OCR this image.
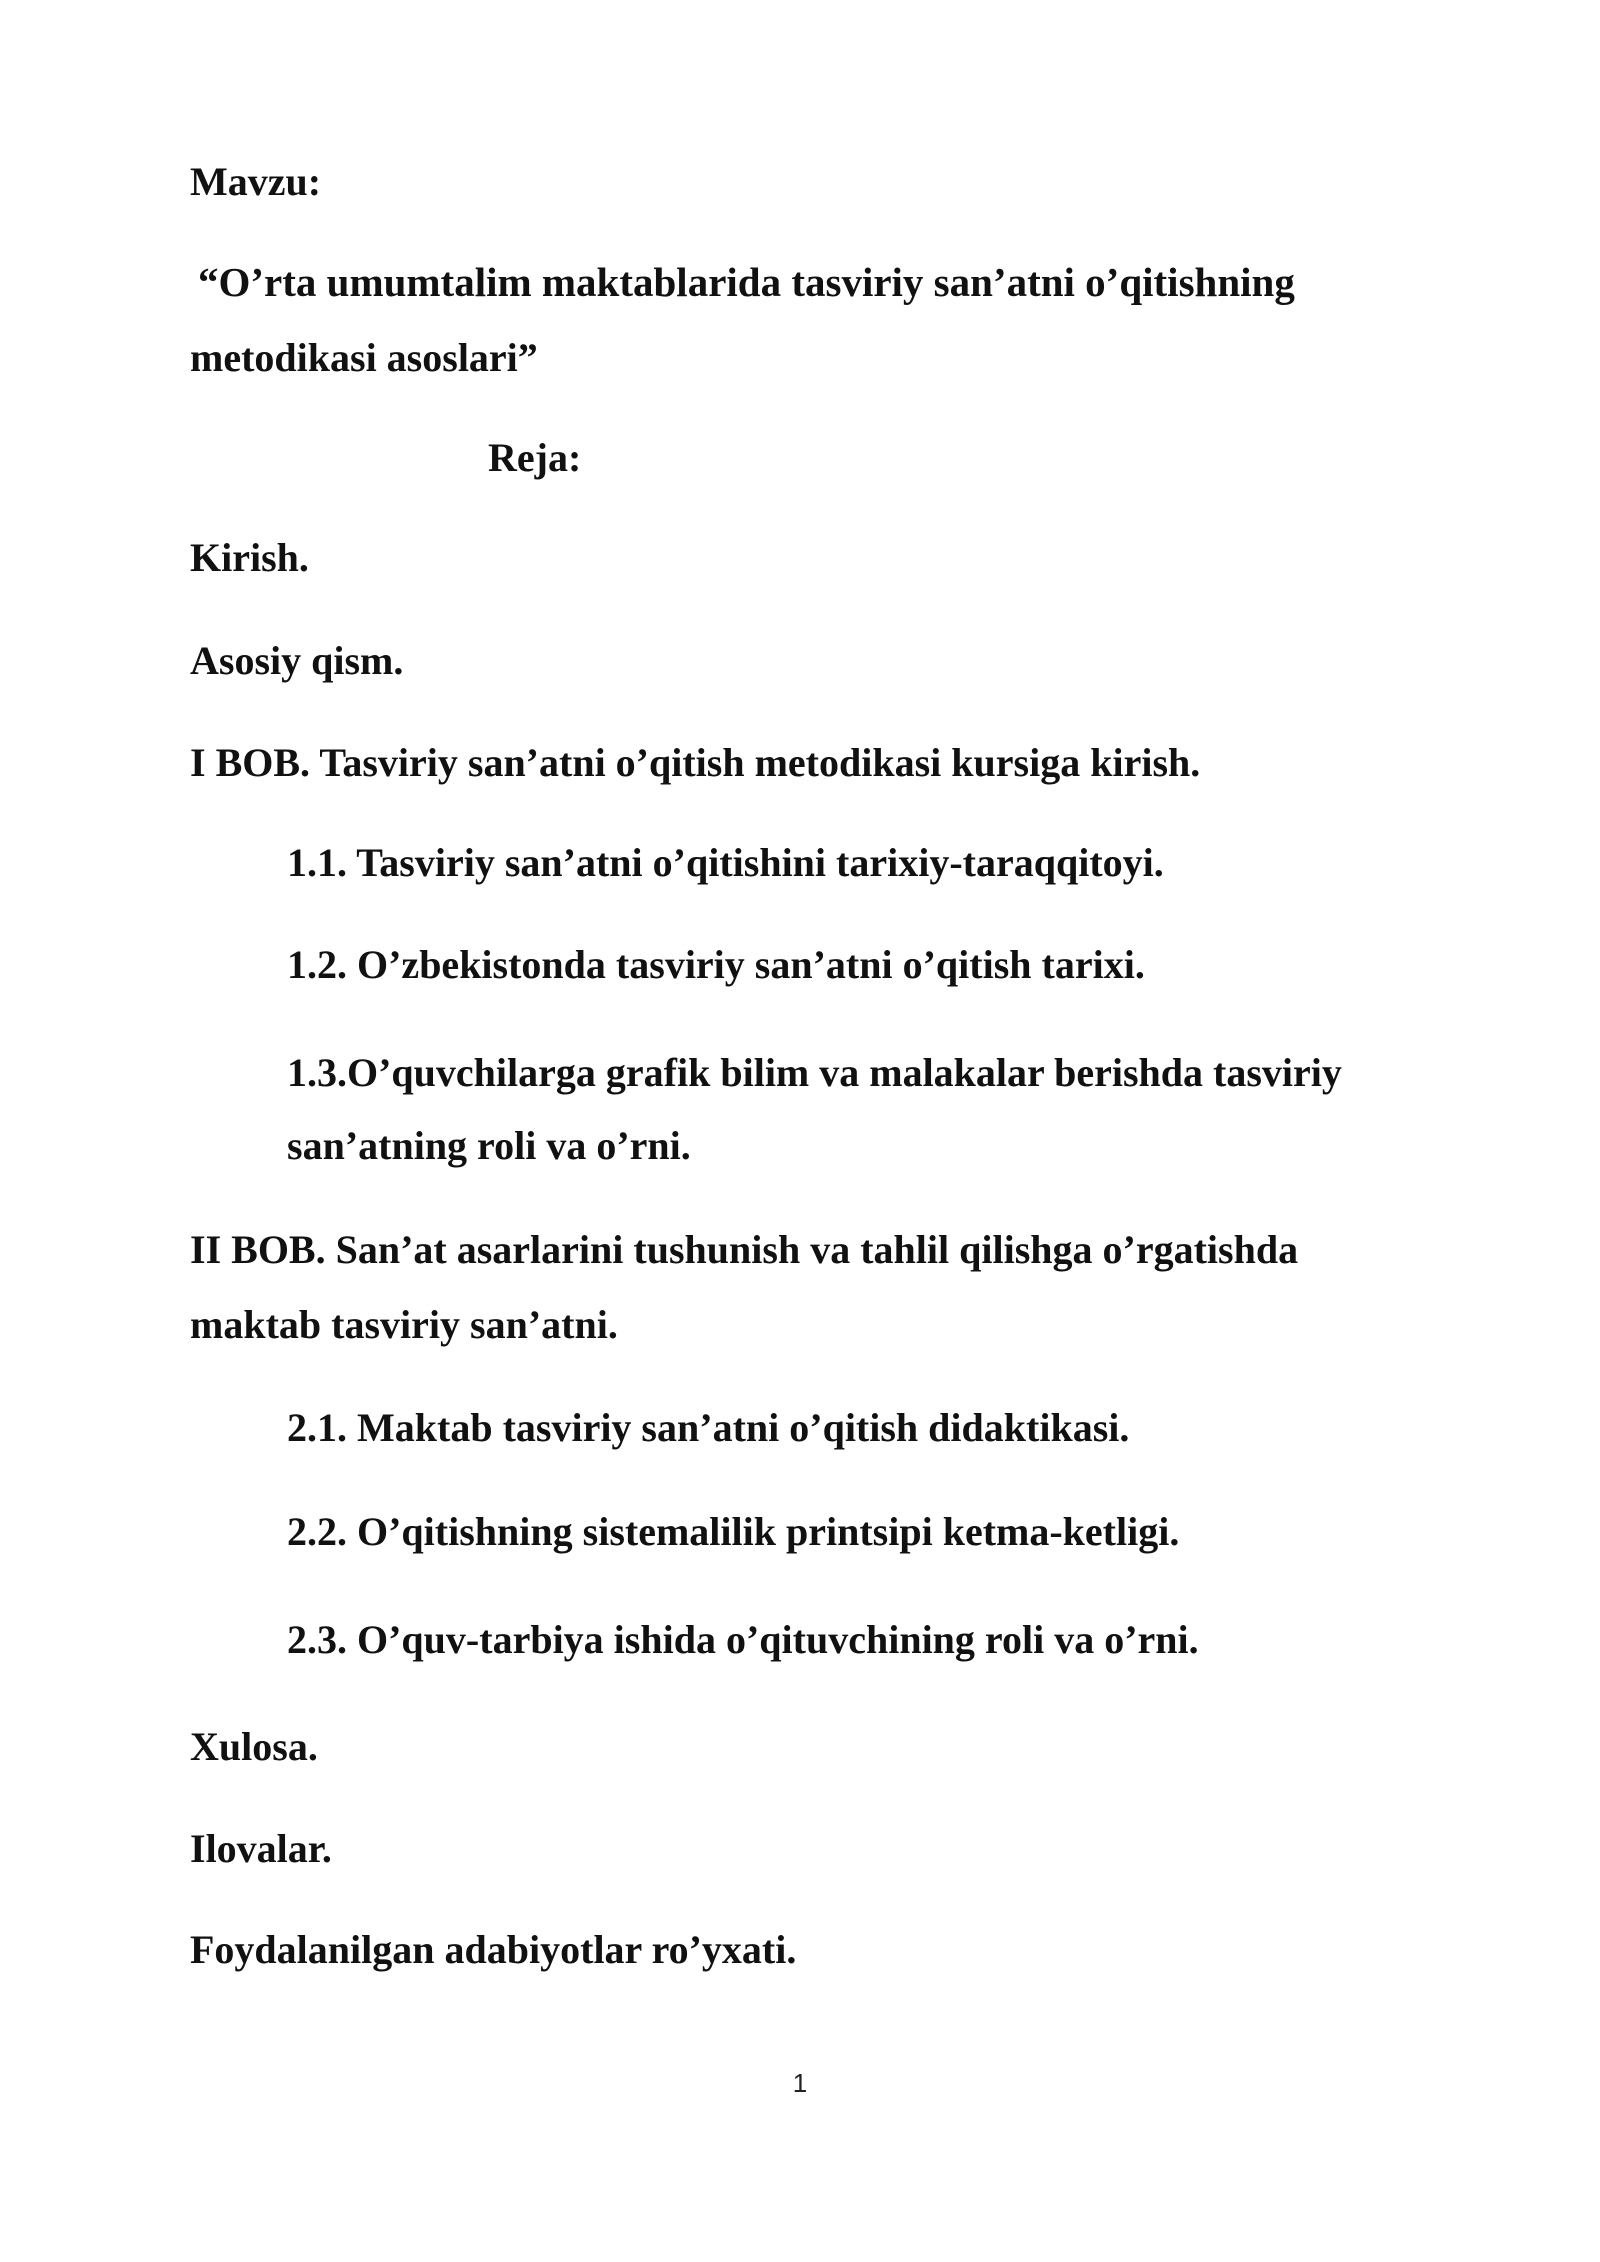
Mavzu:

“O’rta umumtalim maktablarida tasviriy san’atni o’qitishning

metodikasi asoslari”

Reja:

Kirish.

Asosiy qism.

I BOB. Tasviriy san’atni o’qitish metodikasi kursiga kirish.

1.1. Tasviriy san’atni o’qitishini tarixiy-taraqqitoyi.

1.2. O’zbekistonda tasviriy san’atni o’qitish tarixi.

1.3.O’quvchilarga grafik bilim va malakalar berishda tasviriy

san’atning roli va o’rni.

II BOB. San’at asarlarini tushunish va tahlil qilishga o’rgatishda

maktab tasviriy san’atni.

2.1. Maktab tasviriy san’atni o’qitish didaktikasi.

2.2. O’qitishning sistemalilik printsipi ketma-ketligi.

2.3. O’quv-tarbiya ishida o’qituvchining roli va o’rni.

Xulosa.

Ilovalar.

Foydalanilgan adabiyotlar ro’yxati.

1
